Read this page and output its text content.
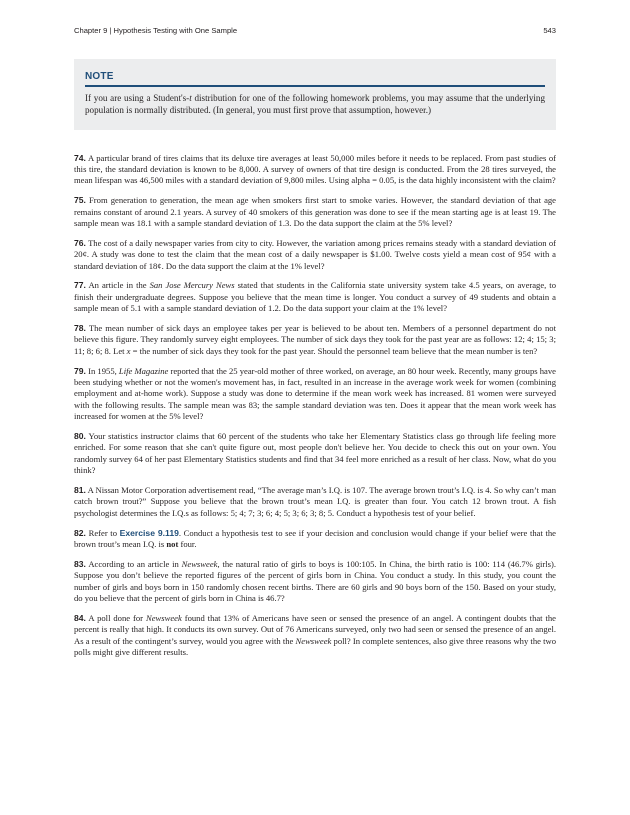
Chapter 9 | Hypothesis Testing with One Sample	543
NOTE
If you are using a Student's-t distribution for one of the following homework problems, you may assume that the underlying population is normally distributed. (In general, you must first prove that assumption, however.)

74. A particular brand of tires claims that its deluxe tire averages at least 50,000 miles before it needs to be replaced. From past studies of this tire, the standard deviation is known to be 8,000. A survey of owners of that tire design is conducted. From the 28 tires surveyed, the mean lifespan was 46,500 miles with a standard deviation of 9,800 miles. Using alpha = 0.05, is the data highly inconsistent with the claim?

75. From generation to generation, the mean age when smokers first start to smoke varies. However, the standard deviation of that age remains constant of around 2.1 years. A survey of 40 smokers of this generation was done to see if the mean starting age is at least 19. The sample mean was 18.1 with a sample standard deviation of 1.3. Do the data support the claim at the 5% level?

76. The cost of a daily newspaper varies from city to city. However, the variation among prices remains steady with a standard deviation of 20¢. A study was done to test the claim that the mean cost of a daily newspaper is $1.00. Twelve costs yield a mean cost of 95¢ with a standard deviation of 18¢. Do the data support the claim at the 1% level?

77. An article in the San Jose Mercury News stated that students in the California state university system take 4.5 years, on average, to finish their undergraduate degrees. Suppose you believe that the mean time is longer. You conduct a survey of 49 students and obtain a sample mean of 5.1 with a sample standard deviation of 1.2. Do the data support your claim at the 1% level?

78. The mean number of sick days an employee takes per year is believed to be about ten. Members of a personnel department do not believe this figure. They randomly survey eight employees. The number of sick days they took for the past year are as follows: 12; 4; 15; 3; 11; 8; 6; 8. Let x = the number of sick days they took for the past year. Should the personnel team believe that the mean number is ten?

79. In 1955, Life Magazine reported that the 25 year-old mother of three worked, on average, an 80 hour week. Recently, many groups have been studying whether or not the women's movement has, in fact, resulted in an increase in the average work week for women (combining employment and at-home work). Suppose a study was done to determine if the mean work week has increased. 81 women were surveyed with the following results. The sample mean was 83; the sample standard deviation was ten. Does it appear that the mean work week has increased for women at the 5% level?

80. Your statistics instructor claims that 60 percent of the students who take her Elementary Statistics class go through life feeling more enriched. For some reason that she can't quite figure out, most people don't believe her. You decide to check this out on your own. You randomly survey 64 of her past Elementary Statistics students and find that 34 feel more enriched as a result of her class. Now, what do you think?

81. A Nissan Motor Corporation advertisement read, “The average man’s I.Q. is 107. The average brown trout’s I.Q. is 4. So why can’t man catch brown trout?” Suppose you believe that the brown trout’s mean I.Q. is greater than four. You catch 12 brown trout. A fish psychologist determines the I.Q.s as follows: 5; 4; 7; 3; 6; 4; 5; 3; 6; 3; 8; 5. Conduct a hypothesis test of your belief.

82. Refer to Exercise 9.119. Conduct a hypothesis test to see if your decision and conclusion would change if your belief were that the brown trout’s mean I.Q. is not four.

83. According to an article in Newsweek, the natural ratio of girls to boys is 100:105. In China, the birth ratio is 100: 114 (46.7% girls). Suppose you don’t believe the reported figures of the percent of girls born in China. You conduct a study. In this study, you count the number of girls and boys born in 150 randomly chosen recent births. There are 60 girls and 90 boys born of the 150. Based on your study, do you believe that the percent of girls born in China is 46.7?

84. A poll done for Newsweek found that 13% of Americans have seen or sensed the presence of an angel. A contingent doubts that the percent is really that high. It conducts its own survey. Out of 76 Americans surveyed, only two had seen or sensed the presence of an angel. As a result of the contingent’s survey, would you agree with the Newsweek poll? In complete sentences, also give three reasons why the two polls might give different results.
